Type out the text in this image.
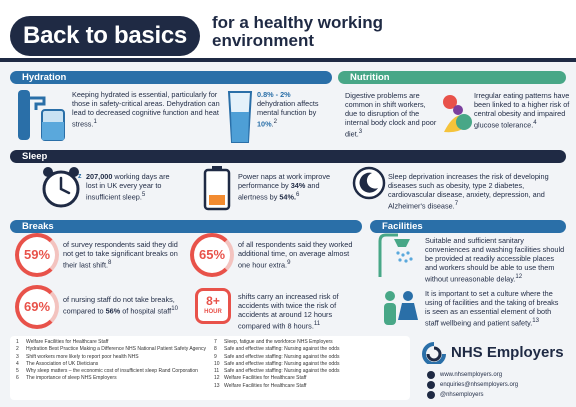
Back to basics	for a healthy working environment
Hydration
Keeping hydrated is essential, particularly for those in safety-critical areas. Dehydration can lead to decreased cognitive function and heat stress.$^1$
0.8% - 2%
dehydration affects mental function by 10%.$^2$
Nutrition
Digestive problems are common in shift workers, due to disruption of the internal body clock and poor diet.$^3$
Irregular eating patterns have been linked to a higher risk of central obesity and impaired glucose tolerance.$^4$
Sleep
z 207,000 working days are lost in UK every year to insufficient sleep.$^5$
Power naps at work improve performance by 34% and alertness by 54%.$^6$
Sleep deprivation increases the risk of developing diseases such as obesity, type 2 diabetes, cardiovascular disease, anxiety, depression, and Alzheimer's disease.$^7$
Breaks
59%
of survey respondents said they did not get to take significant breaks on their last shift.$^8$
65%
of all respondents said they worked additional time, on average almost one hour extra.$^9$
69%	of nursing staff do not take breaks, compared to 56% of hospital staff$^{10}$
8+
HOUR
shifts carry an increased risk of accidents with twice the risk of accidents at around 12 hours compared with 8 hours.$^{11}$
Facilities
Suitable and sufficient sanitary conveniences and washing facilities should be provided at readily accessible places and workers should be able to use them without unreasonable delay.$^{12}$
It is important to set a culture where the using of facilities and the taking of breaks is seen as an essential element of both staff wellbeing and patient safety.$^{13}$
1 Welfare Facilities for Healthcare Staff
2 Hydration Best Practice Making a Difference NHS National Patient Safety Agency
3 Shift workers more likely to report poor health NHS
4 The Association of UK Dieticians
5 Why sleep matters – the economic cost of insufficient sleep Rand Corporation
6 The importance of sleep NHS Employers
7 Sleep, fatigue and the workforce NHS Employers
8 Safe and effective staffing: Nursing against the odds
9 Safe and effective staffing: Nursing against the odds
10 Safe and effective staffing: Nursing against the odds
11 Safe and effective staffing: Nursing against the odds
12 Welfare Facilities for Healthcare Staff
13 Welfare Facilities for Healthcare Staff
NHS Employers
www.nhsemployers.org
enquiries@nhsemployers.org
@nhsemployers
